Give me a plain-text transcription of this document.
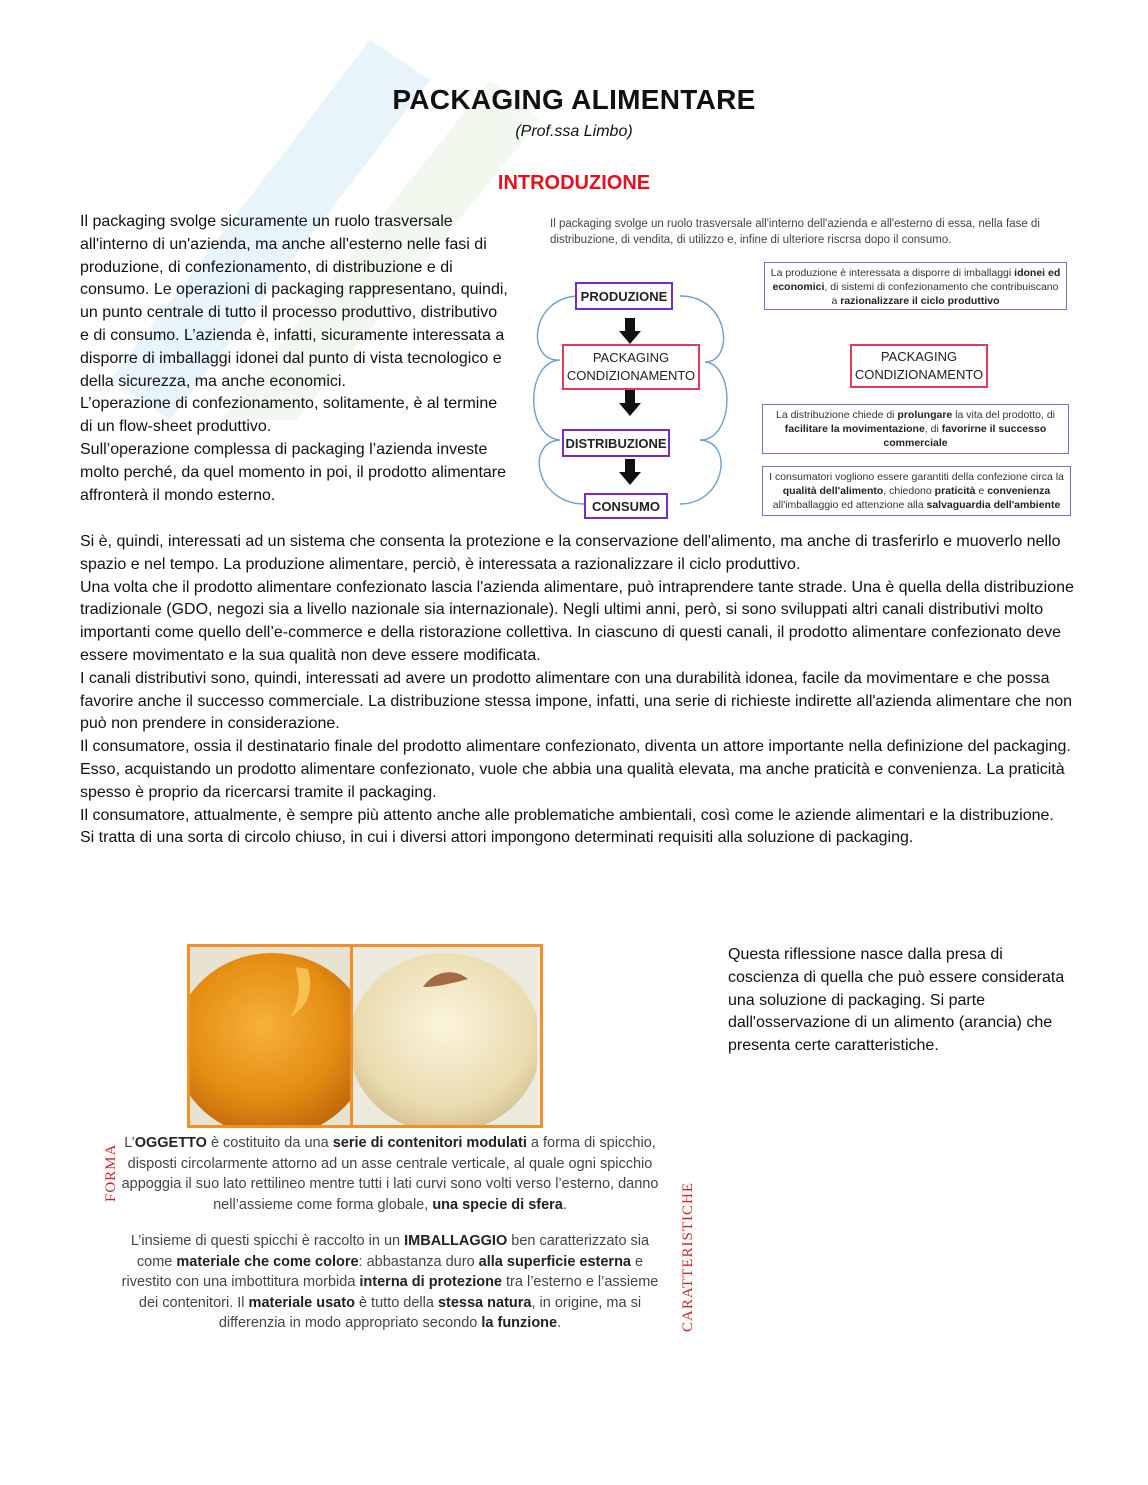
PACKAGING ALIMENTARE
(Prof.ssa Limbo)
INTRODUZIONE

Il packaging svolge sicuramente un ruolo trasversale all'interno di un'azienda, ma anche all'esterno nelle fasi di produzione, di confezionamento, di distribuzione e di consumo. Le operazioni di packaging rappresentano, quindi, un punto centrale di tutto il processo produttivo, distributivo e di consumo. L’azienda è, infatti, sicuramente interessata a disporre di imballaggi idonei dal punto di vista tecnologico e della sicurezza, ma anche economici.

L’operazione di confezionamento, solitamente, è al termine di un flow-sheet produttivo.

Sull’operazione complessa di packaging l’azienda investe molto perché, da quel momento in poi, il prodotto alimentare affronterà il mondo esterno.

Il packaging svolge un ruolo trasversale all'interno dell'azienda e all'esterno di essa, nella fase di distribuzione, di vendita, di utilizzo e, infine di ulteriore riscrsa dopo il consumo.
PRODUZIONE
PACKAGING
CONDIZIONAMENTO
DISTRIBUZIONE
CONSUMO
La produzione è interessata a disporre di imballaggi idonei ed economici, di sistemi di confezionamento che contribuiscano a razionalizzare il ciclo produttivo
PACKAGING
CONDIZIONAMENTO
La distribuzione chiede di prolungare la vita del prodotto, di facilitare la movimentazione, di favorirne il successo commerciale
I consumatori vogliono essere garantiti della confezione circa la qualità dell'alimento, chiedono praticità e convenienza all'imballaggio ed attenzione alla salvaguardia dell'ambiente

Si è, quindi, interessati ad un sistema che consenta la protezione e la conservazione dell'alimento, ma anche di trasferirlo e muoverlo nello spazio e nel tempo. La produzione alimentare, perciò, è interessata a razionalizzare il ciclo produttivo.

Una volta che il prodotto alimentare confezionato lascia l'azienda alimentare, può intraprendere tante strade. Una è quella della distribuzione tradizionale (GDO, negozi sia a livello nazionale sia internazionale). Negli ultimi anni, però, si sono sviluppati altri canali distributivi molto importanti come quello dell’e-commerce e della ristorazione collettiva. In ciascuno di questi canali, il prodotto alimentare confezionato deve essere movimentato e la sua qualità non deve essere modificata.

I canali distributivi sono, quindi, interessati ad avere un prodotto alimentare con una durabilità idonea, facile da movimentare e che possa favorire anche il successo commerciale. La distribuzione stessa impone, infatti, una serie di richieste indirette all'azienda alimentare che non può non prendere in considerazione.

Il consumatore, ossia il destinatario finale del prodotto alimentare confezionato, diventa un attore importante nella definizione del packaging. Esso, acquistando un prodotto alimentare confezionato, vuole che abbia una qualità elevata, ma anche praticità e convenienza. La praticità spesso è proprio da ricercarsi tramite il packaging.

Il consumatore, attualmente, è sempre più attento anche alle problematiche ambientali, così come le aziende alimentari e la distribuzione.

Si tratta di una sorta di circolo chiuso, in cui i diversi attori impongono determinati requisiti alla soluzione di packaging.

Questa riflessione nasce dalla presa di coscienza di quella che può essere considerata una soluzione di packaging. Si parte dall'osservazione di un alimento (arancia) che presenta certe caratteristiche.
FORMA
CARATTERISTICHE
L’OGGETTO è costituito da una serie di contenitori modulati a forma di spicchio, disposti circolarmente attorno ad un asse centrale verticale, al quale ogni spicchio appoggia il suo lato rettilineo mentre tutti i lati curvi sono volti verso l’esterno, danno nell’assieme come forma globale, una specie di sfera.
L’insieme di questi spicchi è raccolto in un IMBALLAGGIO ben caratterizzato sia come materiale che come colore: abbastanza duro alla superficie esterna e rivestito con una imbottitura morbida interna di protezione tra l’esterno e l’assieme dei contenitori. Il materiale usato è tutto della stessa natura, in origine, ma si differenzia in modo appropriato secondo la funzione.
